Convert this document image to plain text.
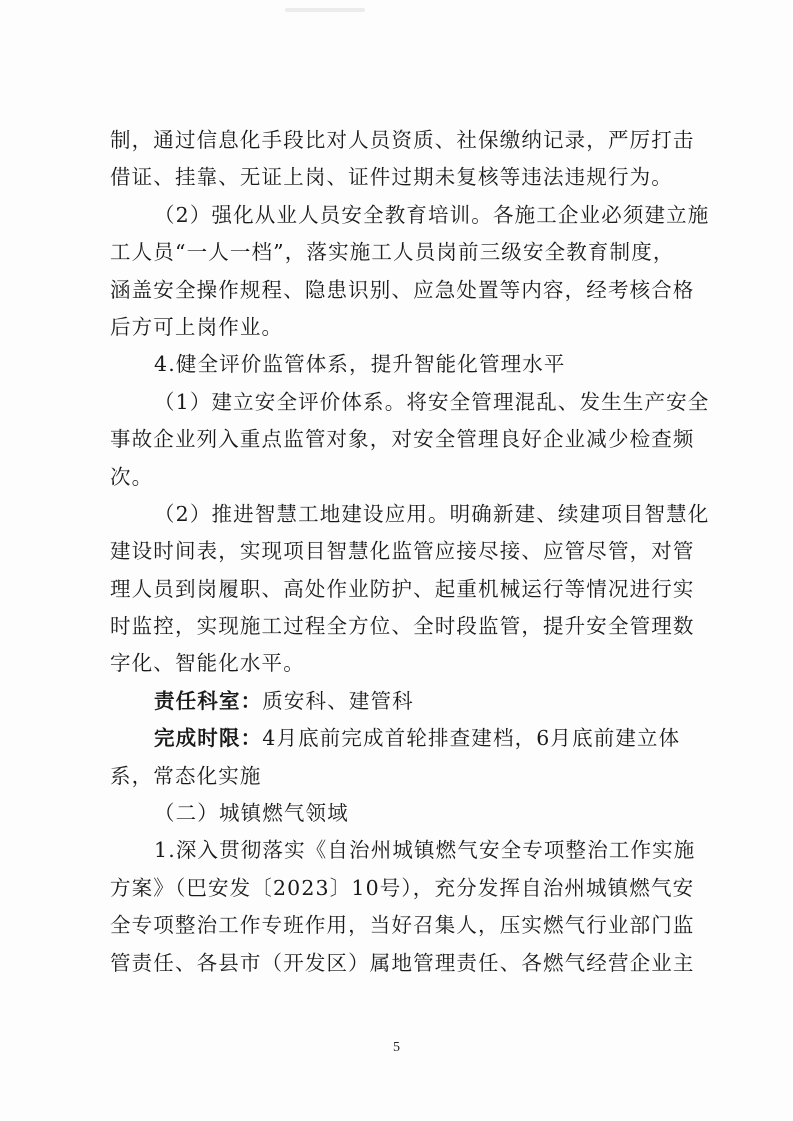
制，通过信息化手段比对人员资质、社保缴纳记录，严厉打击
借证、挂靠、无证上岗、证件过期未复核等违法违规行为。
（2）强化从业人员安全教育培训。各施工企业必须建立施
工人员“一人一档”，落实施工人员岗前三级安全教育制度，
涵盖安全操作规程、隐患识别、应急处置等内容，经考核合格
后方可上岗作业。
4.健全评价监管体系，提升智能化管理水平
（1）建立安全评价体系。将安全管理混乱、发生生产安全
事故企业列入重点监管对象，对安全管理良好企业减少检查频
次。
（2）推进智慧工地建设应用。明确新建、续建项目智慧化
建设时间表，实现项目智慧化监管应接尽接、应管尽管，对管
理人员到岗履职、高处作业防护、起重机械运行等情况进行实
时监控，实现施工过程全方位、全时段监管，提升安全管理数
字化、智能化水平。
责任科室：质安科、建管科
完成时限：4月底前完成首轮排查建档，6月底前建立体
系，常态化实施
（二）城镇燃气领域
1.深入贯彻落实《自治州城镇燃气安全专项整治工作实施
方案》（巴安发〔2023〕10号），充分发挥自治州城镇燃气安
全专项整治工作专班作用，当好召集人，压实燃气行业部门监
管责任、各县市（开发区）属地管理责任、各燃气经营企业主
5
